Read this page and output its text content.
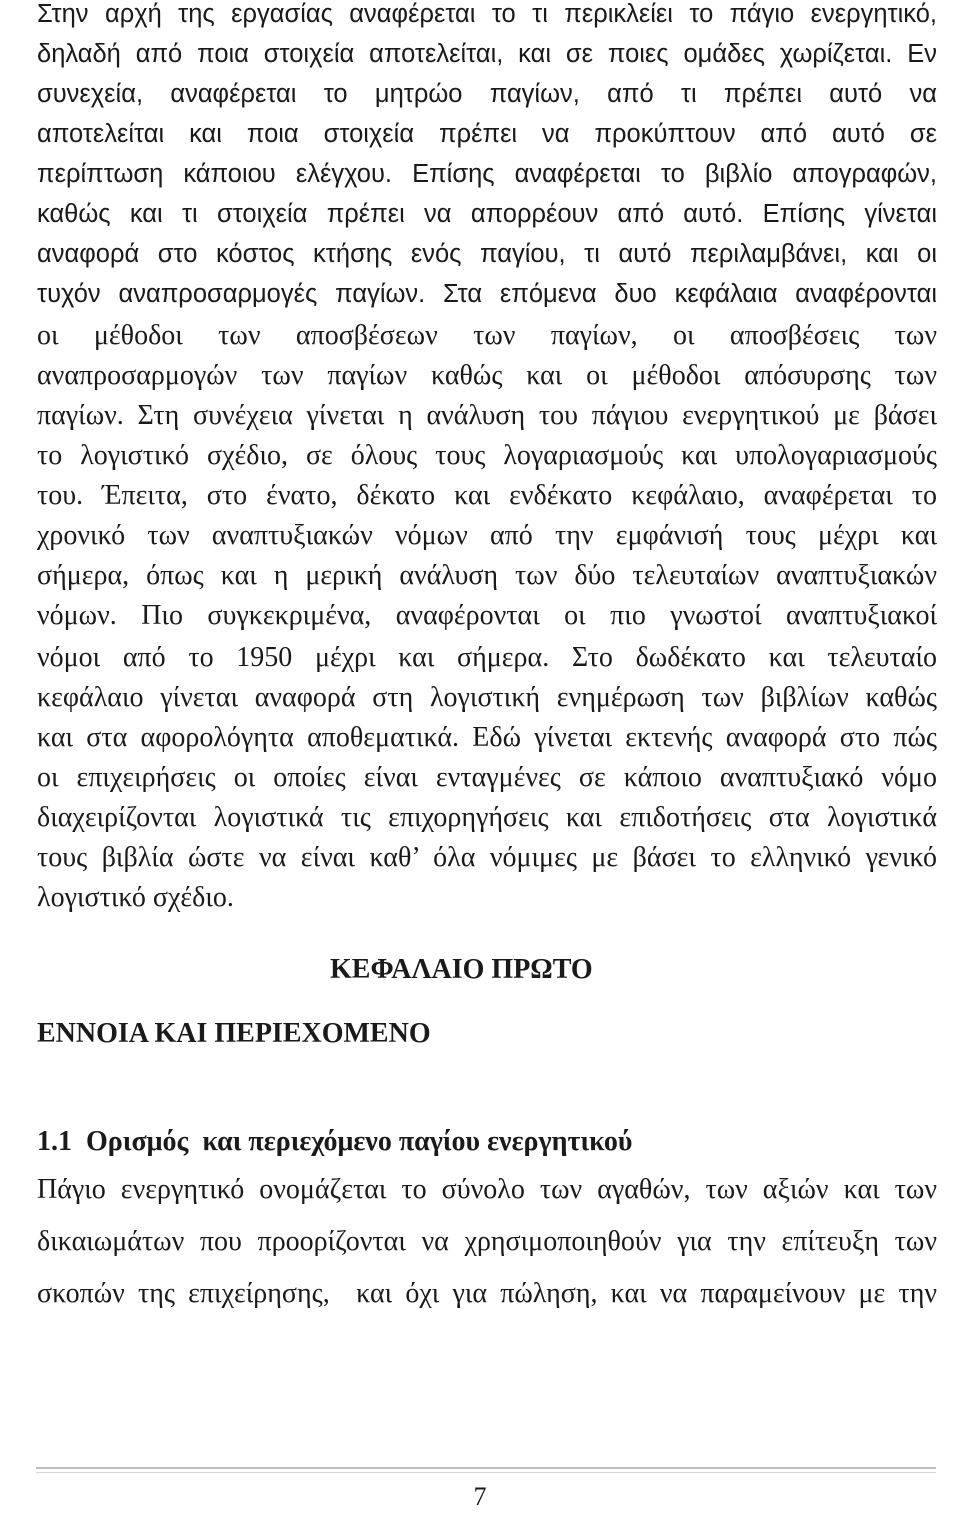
Στην αρχή της εργασίας αναφέρεται το τι περικλείει το πάγιο ενεργητικό,
δηλαδή από ποια στοιχεία αποτελείται, και σε ποιες ομάδες χωρίζεται. Εν
συνεχεία, αναφέρεται το μητρώο παγίων, από τι πρέπει αυτό να
αποτελείται και ποια στοιχεία πρέπει να προκύπτουν από αυτό σε
περίπτωση κάποιου ελέγχου. Επίσης αναφέρεται το βιβλίο απογραφών,
καθώς και τι στοιχεία πρέπει να απορρέουν από αυτό. Επίσης γίνεται
αναφορά στο κόστος κτήσης ενός παγίου, τι αυτό περιλαμβάνει, και οι
τυχόν αναπροσαρμογές παγίων. Στα επόμενα δυο κεφάλαια αναφέρονται
οι μέθοδοι των αποσβέσεων των παγίων, οι αποσβέσεις των
αναπροσαρμογών των παγίων καθώς και οι μέθοδοι απόσυρσης των
παγίων. Στη συνέχεια γίνεται η ανάλυση του πάγιου ενεργητικού με βάσει
το λογιστικό σχέδιο, σε όλους τους λογαριασμούς και υπολογαριασμούς
του. Έπειτα, στο ένατο, δέκατο και ενδέκατο κεφάλαιο, αναφέρεται το
χρονικό των αναπτυξιακών νόμων από την εμφάνισή τους μέχρι και
σήμερα, όπως και η μερική ανάλυση των δύο τελευταίων αναπτυξιακών
νόμων. Πιο συγκεκριμένα, αναφέρονται οι πιο γνωστοί αναπτυξιακοί
νόμοι από το 1950 μέχρι και σήμερα. Στο δωδέκατο και τελευταίο
κεφάλαιο γίνεται αναφορά στη λογιστική ενημέρωση των βιβλίων καθώς
και στα αφορολόγητα αποθεματικά. Εδώ γίνεται εκτενής αναφορά στο πώς
οι επιχειρήσεις οι οποίες είναι ενταγμένες σε κάποιο αναπτυξιακό νόμο
διαχειρίζονται λογιστικά τις επιχορηγήσεις και επιδοτήσεις στα λογιστικά
τους βιβλία ώστε να είναι καθ’ όλα νόμιμες με βάσει το ελληνικό γενικό
λογιστικό σχέδιο.
ΚΕΦΑΛΑΙΟ ΠΡΩΤΟ
ΕΝΝΟΙΑ ΚΑΙ ΠΕΡΙΕΧΟΜΕΝΟ
1.1  Ορισμός  και περιεχόμενο παγίου ενεργητικού
Πάγιο ενεργητικό ονομάζεται το σύνολο των αγαθών, των αξιών και των
δικαιωμάτων που προορίζονται να χρησιμοποιηθούν για την επίτευξη των
σκοπών της επιχείρησης,  και όχι για πώληση, και να παραμείνουν με την
7
